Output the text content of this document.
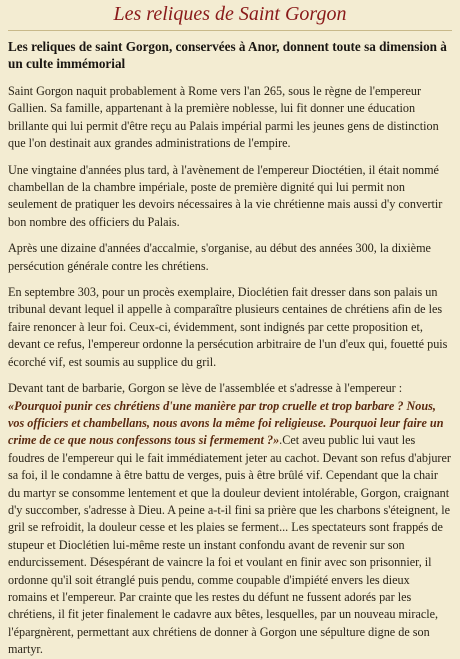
Les reliques de Saint Gorgon
Les reliques de saint Gorgon, conservées à Anor, donnent toute sa dimension à un culte immémorial

Saint Gorgon naquit probablement à Rome vers l'an 265, sous le règne de l'empereur Gallien. Sa famille, appartenant à la première noblesse, lui fit donner une éducation brillante qui lui permit d'être reçu au Palais impérial parmi les jeunes gens de distinction que l'on destinait aux grandes administrations de l'empire.

Une vingtaine d'années plus tard, à l'avènement de l'empereur Dioctétien, il était nommé chambellan de la chambre impériale, poste de première dignité qui lui permit non seulement de pratiquer les devoirs nécessaires à la vie chrétienne mais aussi d'y convertir bon nombre des officiers du Palais.

Après une dizaine d'années d'accalmie, s'organise, au début des années 300, la dixième persécution générale contre les chrétiens.

En septembre 303, pour un procès exemplaire, Dioclétien fait dresser dans son palais un tribunal devant lequel il appelle à comparaître plusieurs centaines de chrétiens afin de les faire renoncer à leur foi. Ceux-ci, évidemment, sont indignés par cette proposition et, devant ce refus, l'empereur ordonne la persécution arbitraire de l'un d'eux qui, fouetté puis écorché vif, est soumis au supplice du gril.

Devant tant de barbarie, Gorgon se lève de l'assemblée et s'adresse à l'empereur : «Pourquoi punir ces chrétiens d'une manière par trop cruelle et trop barbare ? Nous, vos officiers et chambellans, nous avons la même foi religieuse. Pourquoi leur faire un crime de ce que nous confessons tous si fermement ?».Cet aveu public lui vaut les foudres de l'empereur qui le fait immédiatement jeter au cachot. Devant son refus d'abjurer sa foi, il le condamne à être battu de verges, puis à être brûlé vif. Cependant que la chair du martyr se consomme lentement et que la douleur devient intolérable, Gorgon, craignant d'y succomber, s'adresse à Dieu. A peine a-t-il fini sa prière que les charbons s'éteignent, le gril se refroidit, la douleur cesse et les plaies se ferment... Les spectateurs sont frappés de stupeur et Dioclétien lui-même reste un instant confondu avant de revenir sur son endurcissement. Désespérant de vaincre la foi et voulant en finir avec son prisonnier, il ordonne qu'il soit étranglé puis pendu, comme coupable d'impiété envers les dieux romains et l'empereur. Par crainte que les restes du défunt ne fussent adorés par les chrétiens, il fit jeter finalement le cadavre aux bêtes, lesquelles, par un nouveau miracle, l'épargnèrent, permettant aux chrétiens de donner à Gorgon une sépulture digne de son martyr.
